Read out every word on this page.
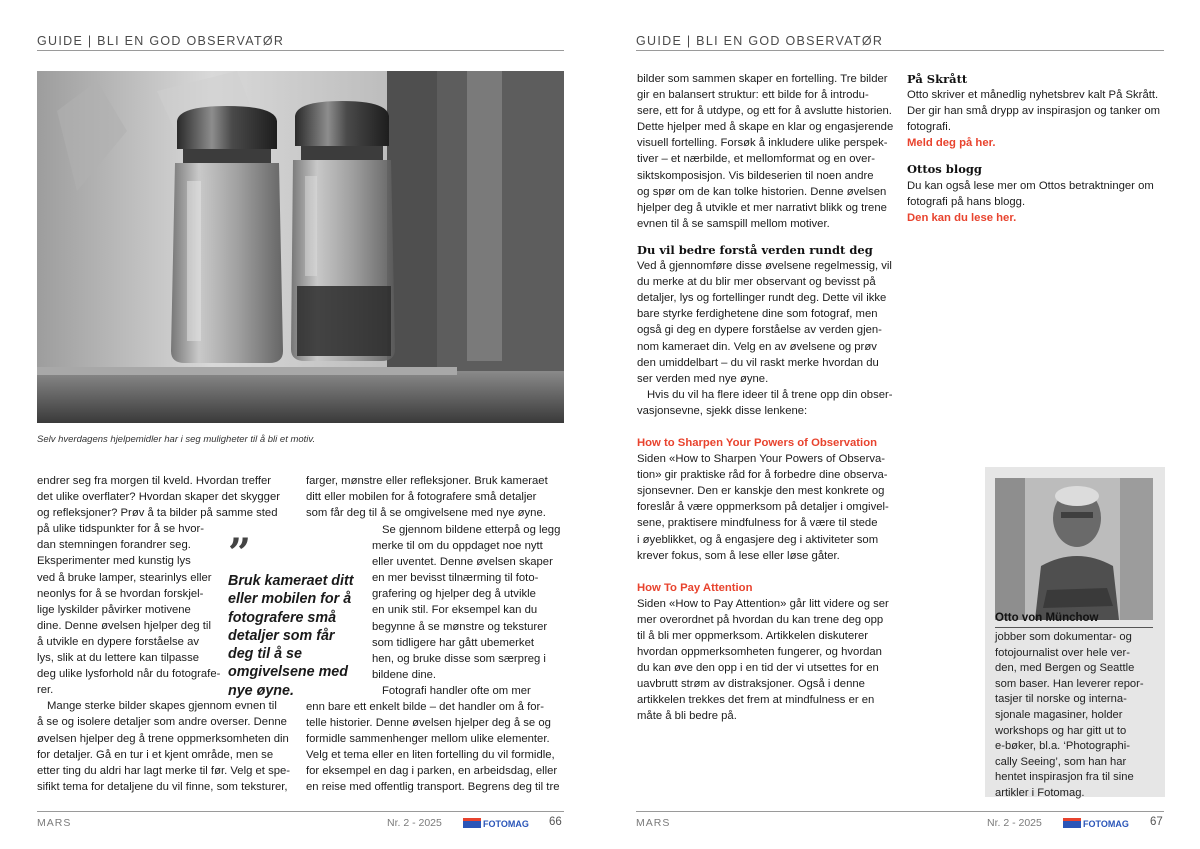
GUIDE | BLI EN GOD OBSERVATØR
Selv hverdagens hjelpemidler har i seg muligheter til å bli et motiv.
endrer seg fra morgen til kveld. Hvordan treffer
det ulike overflater? Hvordan skaper det skygger
og refleksjoner? Prøv å ta bilder på samme sted
på ulike tidspunkter for å se hvor-
dan stemningen forandrer seg.
Eksperimenter med kunstig lys
ved å bruke lamper, stearinlys eller
neonlys for å se hvordan forskjel-
lige lyskilder påvirker motivene
dine. Denne øvelsen hjelper deg til
å utvikle en dypere forståelse av
lys, slik at du lettere kan tilpasse
deg ulike lysforhold når du fotografe-
rer.
Mange sterke bilder skapes gjennom evnen til
å se og isolere detaljer som andre overser. Denne
øvelsen hjelper deg å trene oppmerksomheten din
for detaljer. Gå en tur i et kjent område, men se
etter ting du aldri har lagt merke til før. Velg et spe-
sifikt tema for detaljene du vil finne, som teksturer,
farger, mønstre eller refleksjoner. Bruk kameraet
ditt eller mobilen for å fotografere små detaljer
som får deg til å se omgivelsene med nye øyne.
Se gjennom bildene etterpå og legg
merke til om du oppdaget noe nytt
eller uventet. Denne øvelsen skaper
en mer bevisst tilnærming til foto-
grafering og hjelper deg å utvikle
en unik stil. For eksempel kan du
begynne å se mønstre og teksturer
som tidligere har gått ubemerket
hen, og bruke disse som særpreg i
bildene dine.
Fotografi handler ofte om mer
enn bare ett enkelt bilde – det handler om å for-
telle historier. Denne øvelsen hjelper deg å se og
formidle sammenhenger mellom ulike elementer.
Velg et tema eller en liten fortelling du vil formidle,
for eksempel en dag i parken, en arbeidsdag, eller
en reise med offentlig transport. Begrens deg til tre
”
Bruk kameraet ditt eller mobilen for å fotografere små detaljer som får deg til å se omgivelsene med nye øyne.
MARS	Nr. 2 - 2025	FOTOMAG 66
GUIDE | BLI EN GOD OBSERVATØR
bilder som sammen skaper en fortelling. Tre bilder
gir en balansert struktur: ett bilde for å introdu-
sere, ett for å utdype, og ett for å avslutte historien.
Dette hjelper med å skape en klar og engasjerende
visuell fortelling. Forsøk å inkludere ulike perspek-
tiver – et nærbilde, et mellomformat og en over-
siktskomposisjon. Vis bildeserien til noen andre
og spør om de kan tolke historien. Denne øvelsen
hjelper deg å utvikle et mer narrativt blikk og trene
evnen til å se samspill mellom motiver.
Du vil bedre forstå verden rundt deg
Ved å gjennomføre disse øvelsene regelmessig, vil
du merke at du blir mer observant og bevisst på
detaljer, lys og fortellinger rundt deg. Dette vil ikke
bare styrke ferdighetene dine som fotograf, men
også gi deg en dypere forståelse av verden gjen-
nom kameraet din. Velg en av øvelsene og prøv
den umiddelbart – du vil raskt merke hvordan du
ser verden med nye øyne.
Hvis du vil ha flere ideer til å trene opp din obser-
vasjonsevne, sjekk disse lenkene:
How to Sharpen Your Powers of Observation
Siden «How to Sharpen Your Powers of Observa-
tion» gir praktiske råd for å forbedre dine observa-
sjonsevner. Den er kanskje den mest konkrete og
foreslår å være oppmerksom på detaljer i omgivel-
sene, praktisere mindfulness for å være til stede
i øyeblikket, og å engasjere deg i aktiviteter som
krever fokus, som å lese eller løse gåter.
How To Pay Attention
Siden «How to Pay Attention» går litt videre og ser
mer overordnet på hvordan du kan trene deg opp
til å bli mer oppmerksom. Artikkelen diskuterer
hvordan oppmerksomheten fungerer, og hvordan
du kan øve den opp i en tid der vi utsettes for en
uavbrutt strøm av distraksjoner. Også i denne
artikkelen trekkes det frem at mindfulness er en
måte å bli bedre på.
På Skrått
Otto skriver et månedlig nyhetsbrev kalt På Skrått.
Der gir han små drypp av inspirasjon og tanker om
fotografi.
Meld deg på her.
Ottos blogg
Du kan også lese mer om Ottos betraktninger om
fotografi på hans blogg.
Den kan du lese her.
Otto von Münchow
jobber som dokumentar- og
fotojournalist over hele ver-
den, med Bergen og Seattle
som baser. Han leverer repor-
tasjer til norske og interna-
sjonale magasiner, holder
workshops og har gitt ut to
e-bøker, bl.a. ‘Photographi-
cally Seeing’, som han har
hentet inspirasjon fra til sine
artikler i Fotomag.
MARS	Nr. 2 - 2025	FOTOMAG 67
